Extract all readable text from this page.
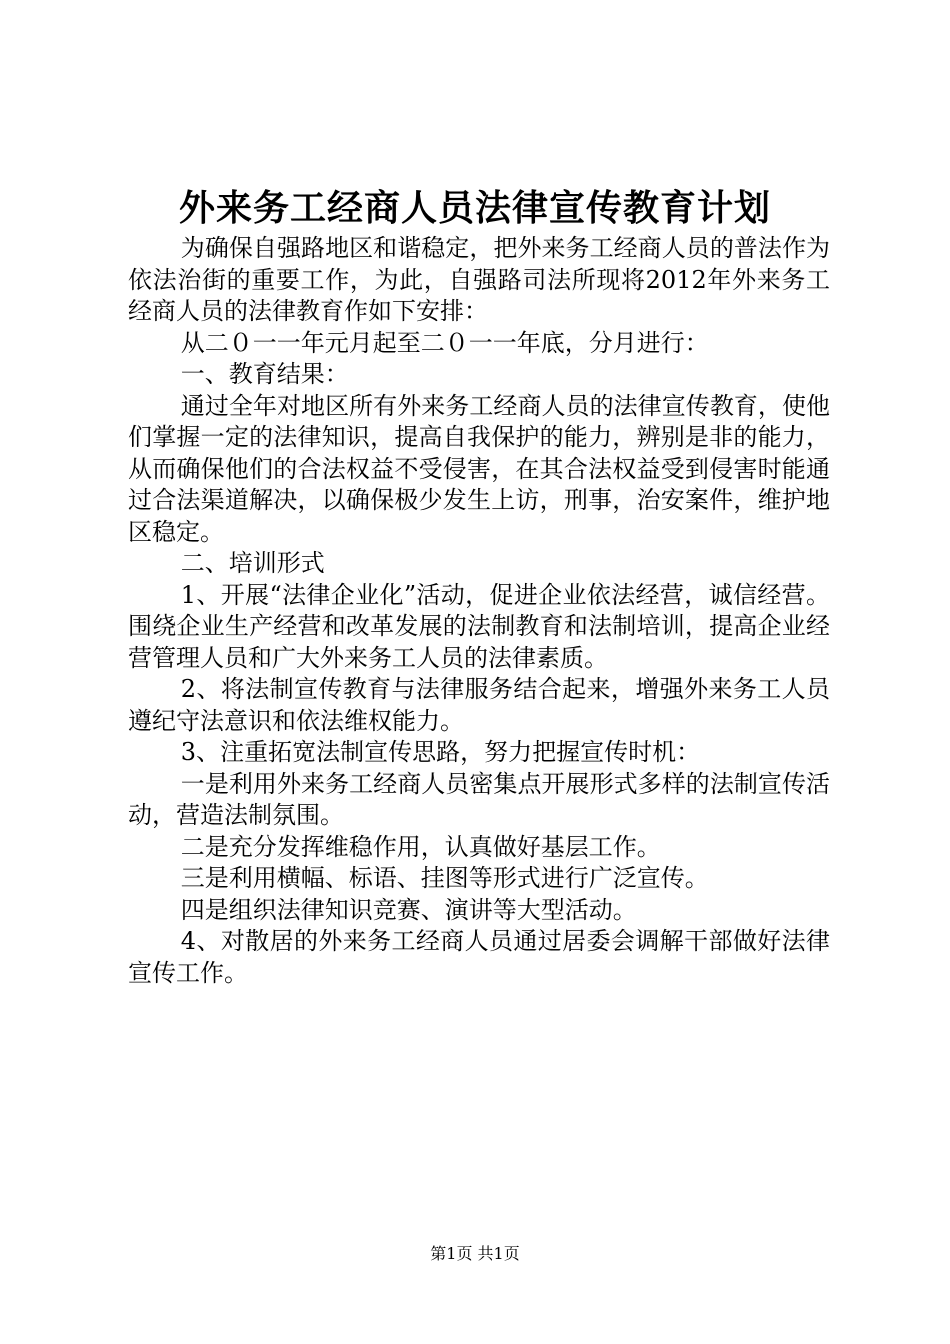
外来务工经商人员法律宣传教育计划

为确保自强路地区和谐稳定，把外来务工经商人员的普法作为依法治街的重要工作，为此，自强路司法所现将2012年外来务工经商人员的法律教育作如下安排：

从二０一一年元月起至二０一一年底，分月进行：

一、教育结果：

通过全年对地区所有外来务工经商人员的法律宣传教育，使他们掌握一定的法律知识，提高自我保护的能力，辨别是非的能力，从而确保他们的合法权益不受侵害，在其合法权益受到侵害时能通过合法渠道解决，以确保极少发生上访，刑事，治安案件，维护地区稳定。

二、培训形式

1、开展“法律企业化”活动，促进企业依法经营，诚信经营。围绕企业生产经营和改革发展的法制教育和法制培训，提高企业经营管理人员和广大外来务工人员的法律素质。

2、将法制宣传教育与法律服务结合起来，增强外来务工人员遵纪守法意识和依法维权能力。

3、注重拓宽法制宣传思路，努力把握宣传时机：

一是利用外来务工经商人员密集点开展形式多样的法制宣传活动，营造法制氛围。

二是充分发挥维稳作用，认真做好基层工作。

三是利用横幅、标语、挂图等形式进行广泛宣传。

四是组织法律知识竞赛、演讲等大型活动。

4、对散居的外来务工经商人员通过居委会调解干部做好法律宣传工作。

第1页 共1页
